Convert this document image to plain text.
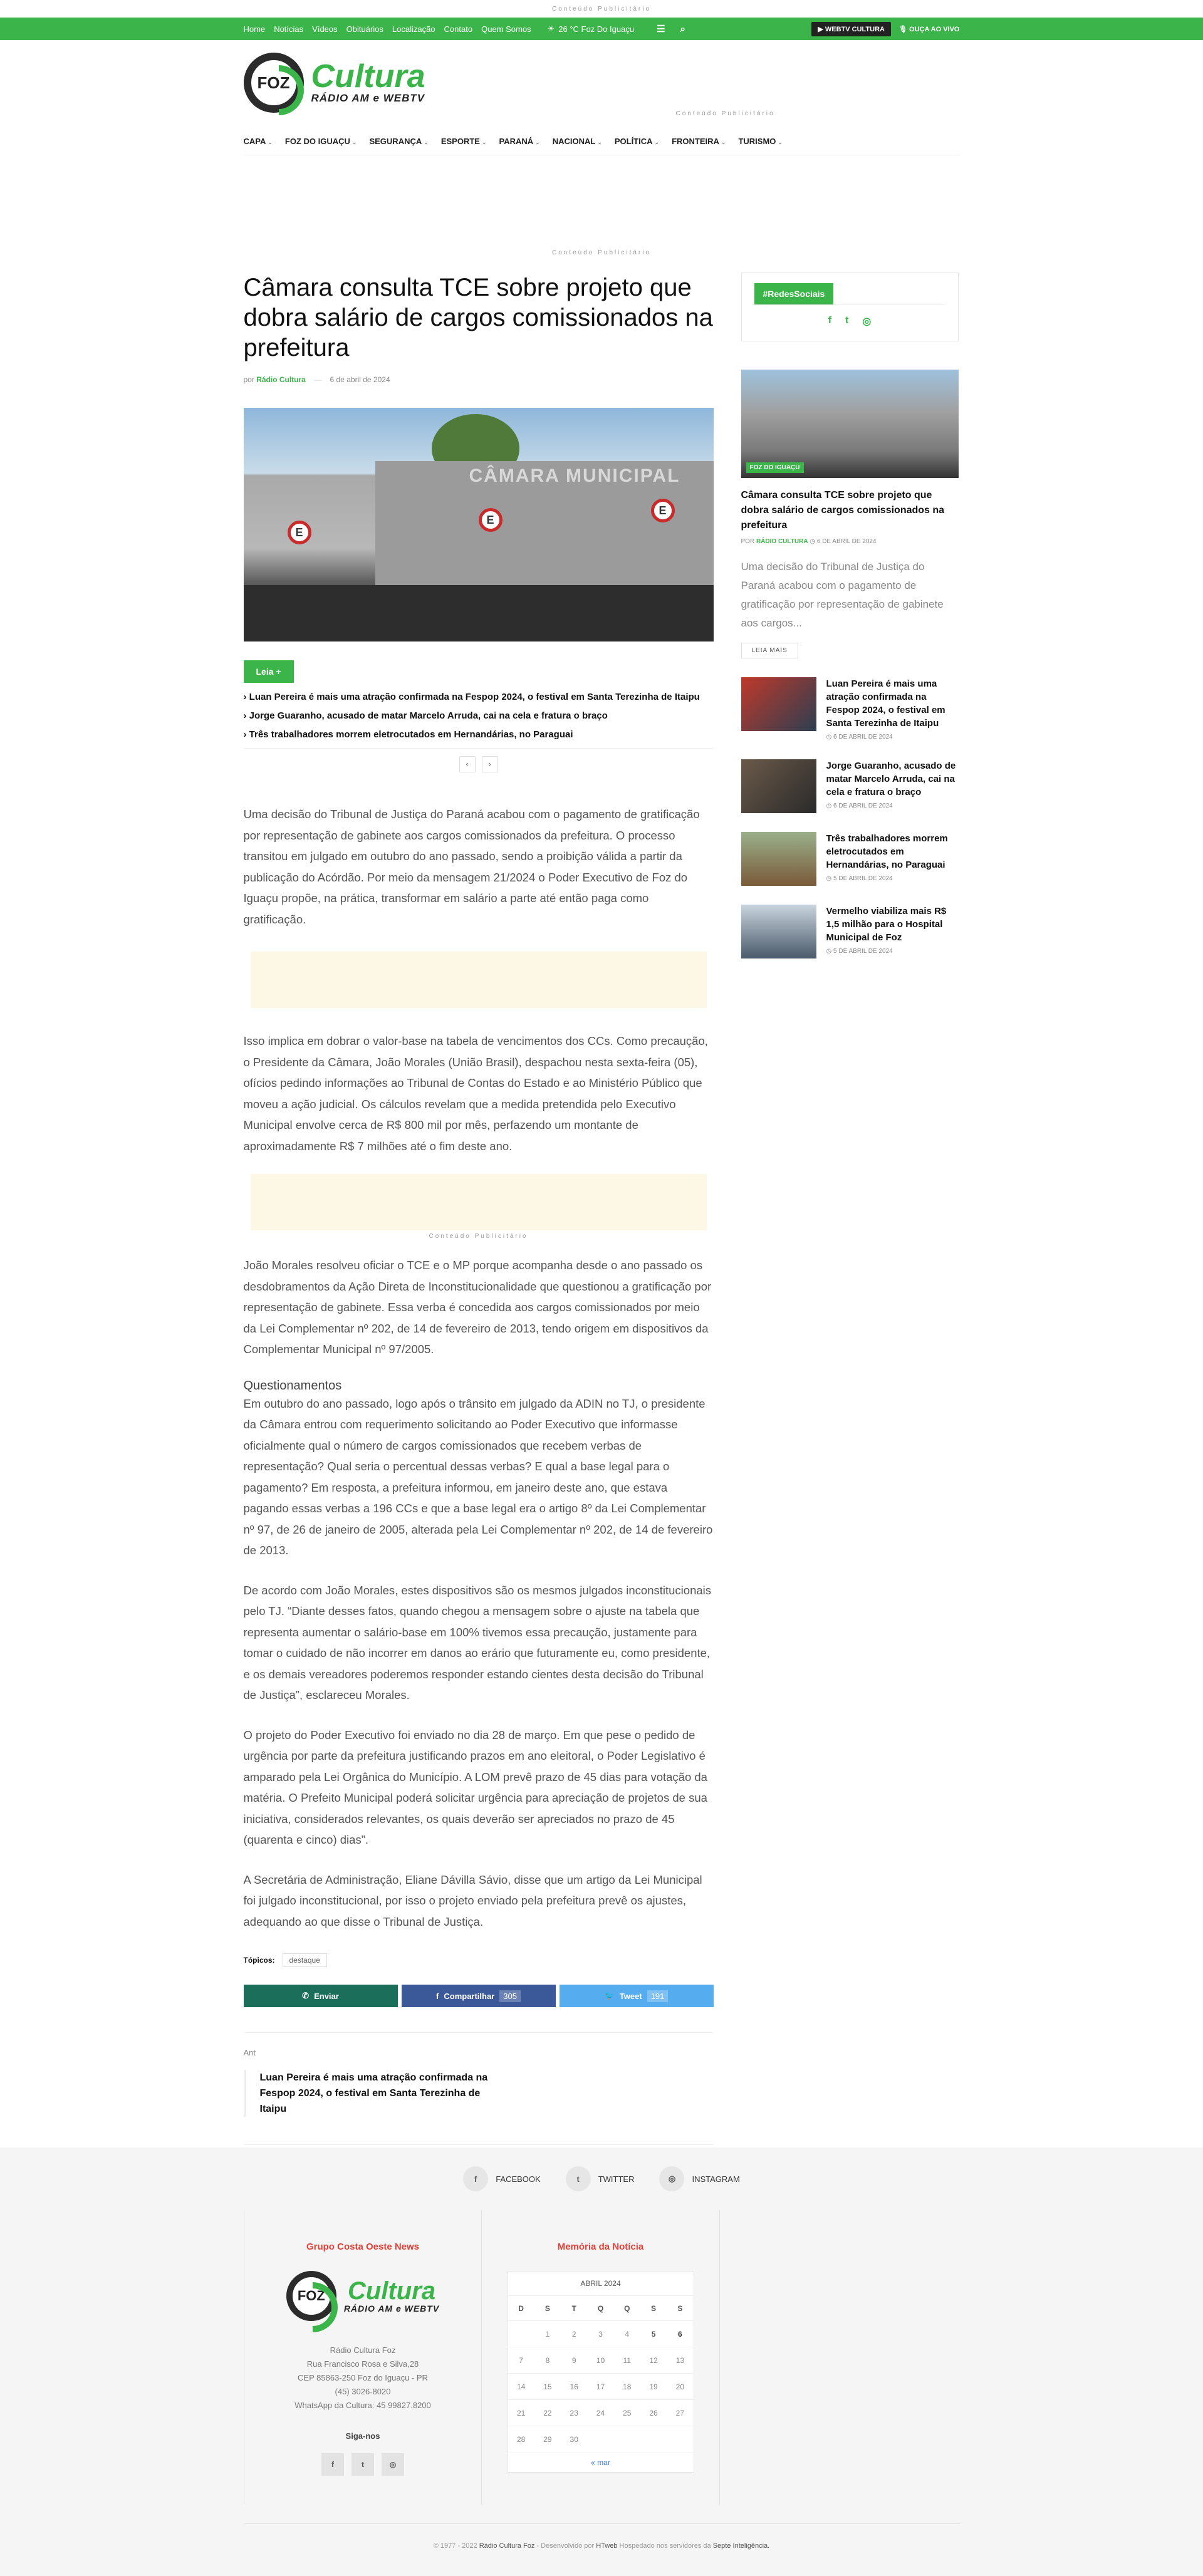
Conteúdo Publicitário
Home Notícias Vídeos Obituários Localização Contato Quem Somos ☀ 26 °C Foz Do Iguaçu ☰ ⌕	▶ WEBTV CULTURA	🎙 OUÇA AO VIVO
FOZ Cultura
RÁDIO AM e WEBTV
Conteúdo Publicitário
CAPA ⌄ FOZ DO IGUAÇU ⌄ SEGURANÇA ⌄ ESPORTE ⌄ PARANÁ ⌄ NACIONAL ⌄ POLÍTICA ⌄ FRONTEIRA ⌄ TURISMO ⌄
Conteúdo Publicitário
Câmara consulta TCE sobre projeto que dobra salário de cargos comissionados na prefeitura
por Rádio Cultura — 6 de abril de 2024
CÂMARA MUNICIPAL
E
E
E
Leia +
› Luan Pereira é mais uma atração confirmada na Fespop 2024, o festival em Santa Terezinha de Itaipu
› Jorge Guaranho, acusado de matar Marcelo Arruda, cai na cela e fratura o braço
› Três trabalhadores morrem eletrocutados em Hernandárias, no Paraguai
‹	›

Uma decisão do Tribunal de Justiça do Paraná acabou com o pagamento de gratificação por representação de gabinete aos cargos comissionados da prefeitura. O processo transitou em julgado em outubro do ano passado, sendo a proibição válida a partir da publicação do Acórdão. Por meio da mensagem 21/2024 o Poder Executivo de Foz do Iguaçu propõe, na prática, transformar em salário a parte até então paga como gratificação.

Isso implica em dobrar o valor-base na tabela de vencimentos dos CCs. Como precaução, o Presidente da Câmara, João Morales (União Brasil), despachou nesta sexta-feira (05), ofícios pedindo informações ao Tribunal de Contas do Estado e ao Ministério Público que moveu a ação judicial. Os cálculos revelam que a medida pretendida pelo Executivo Municipal envolve cerca de R$ 800 mil por mês, perfazendo um montante de aproximadamente R$ 7 milhões até o fim deste ano.

Conteúdo Publicitário

João Morales resolveu oficiar o TCE e o MP porque acompanha desde o ano passado os desdobramentos da Ação Direta de Inconstitucionalidade que questionou a gratificação por representação de gabinete. Essa verba é concedida aos cargos comissionados por meio da Lei Complementar nº 202, de 14 de fevereiro de 2013, tendo origem em dispositivos da Complementar Municipal nº 97/2005.

Questionamentos

Em outubro do ano passado, logo após o trânsito em julgado da ADIN no TJ, o presidente da Câmara entrou com requerimento solicitando ao Poder Executivo que informasse oficialmente qual o número de cargos comissionados que recebem verbas de representação? Qual seria o percentual dessas verbas? E qual a base legal para o pagamento? Em resposta, a prefeitura informou, em janeiro deste ano, que estava pagando essas verbas a 196 CCs e que a base legal era o artigo 8º da Lei Complementar nº 97, de 26 de janeiro de 2005, alterada pela Lei Complementar nº 202, de 14 de fevereiro de 2013.

De acordo com João Morales, estes dispositivos são os mesmos julgados inconstitucionais pelo TJ. “Diante desses fatos, quando chegou a mensagem sobre o ajuste na tabela que representa aumentar o salário-base em 100% tivemos essa precaução, justamente para tomar o cuidado de não incorrer em danos ao erário que futuramente eu, como presidente, e os demais vereadores poderemos responder estando cientes desta decisão do Tribunal de Justiça”, esclareceu Morales.

O projeto do Poder Executivo foi enviado no dia 28 de março. Em que pese o pedido de urgência por parte da prefeitura justificando prazos em ano eleitoral, o Poder Legislativo é amparado pela Lei Orgânica do Município. A LOM prevê prazo de 45 dias para votação da matéria. O Prefeito Municipal poderá solicitar urgência para apreciação de projetos de sua iniciativa, considerados relevantes, os quais deverão ser apreciados no prazo de 45 (quarenta e cinco) dias”.

A Secretária de Administração, Eliane Dávilla Sávio, disse que um artigo da Lei Municipal foi julgado inconstitucional, por isso o projeto enviado pela prefeitura prevê os ajustes, adequando ao que disse o Tribunal de Justiça.

Tópicos:	destaque
✆ Enviar	f Compartilhar	305	🐦 Tweet	191
Ant
Luan Pereira é mais uma atração confirmada na Fespop 2024, o festival em Santa Terezinha de Itaipu
#RedesSociais
f t ◎
FOZ DO IGUAÇU
Câmara consulta TCE sobre projeto que dobra salário de cargos comissionados na prefeitura
POR RÁDIO CULTURA ◷ 6 DE ABRIL DE 2024
Uma decisão do Tribunal de Justiça do Paraná acabou com o pagamento de gratificação por representação de gabinete aos cargos...
LEIA MAIS
Luan Pereira é mais uma atração confirmada na Fespop 2024, o festival em Santa Terezinha de Itaipu
◷ 6 DE ABRIL DE 2024
Jorge Guaranho, acusado de matar Marcelo Arruda, cai na cela e fratura o braço
◷ 6 DE ABRIL DE 2024
Três trabalhadores morrem eletrocutados em Hernandárias, no Paraguai
◷ 5 DE ABRIL DE 2024
Vermelho viabiliza mais R$ 1,5 milhão para o Hospital Municipal de Foz
◷ 5 DE ABRIL DE 2024
f	FACEBOOK	t	TWITTER	◎	INSTAGRAM
Grupo Costa Oeste News
FOZ Cultura
RÁDIO AM e WEBTV
Rádio Cultura Foz
Rua Francisco Rosa e Silva,28
CEP 85863-250 Foz do Iguaçu - PR
(45) 3026-8020
WhatsApp da Cultura: 45 99827.8200
Siga-nos
f	t	◎
Memória da Notícia
ABRIL 2024
D	S	T	Q	Q	S	S
	1	2	3	4	5	6
7	8	9	10	11	12	13
14	15	16	17	18	19	20
21	22	23	24	25	26	27
28	29	30				
« mar
© 1977 - 2022 Rádio Cultura Foz - Desenvolvido por HTweb Hospedado nos servidores da Septe Inteligência.
